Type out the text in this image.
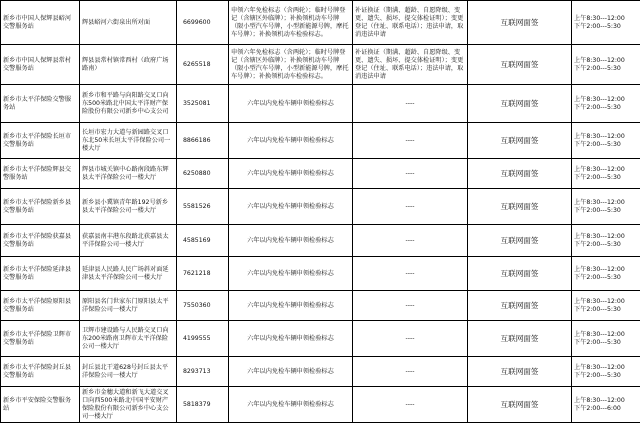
新乡市中国人保辉县峪河交警服务站	辉县峪河六街泉出所对面	6699600	申领六年免检标志（含两轮）；临时号牌登记（含辖区外临牌）；补换领机动车号牌（限小型汽车号牌，小型新能源号牌，摩托车号牌）；补换领机动车检验标志。	补证换证（期满、超龄、自愿降级、变更、遗失、损坏、提交体检证明）；变更登记（住址、联系电话）；违法申请，取消违法申请	互联网面签	上午8:30---12:00
下午2:00---5:30

新乡市中国人保辉县常村交警服务站	辉县县常村镇常西村（政府广场路南）	6265518	申领六年免检标志（含两轮）；临时号牌登记（含辖区外临牌）；补换领机动车号牌（限小型汽车号牌，小型新能源号牌，摩托车号牌）；补换领机动车检验标志。	补证换证（期满、超龄、自愿降级、变更、遗失、损坏、提交体检证明）；变更登记（住址、联系电话）；违法申请，取消违法申请	互联网面签	上午8:30---12:00
下午2:00---5:30

新乡市太平洋保险交警服务站	新乡市和平路与向阳路交叉口向东500米路北中国太平洋财产保险股份有限公司新乡中心支公司	3525081	六年以内免检车辆申领检验标志	----	互联网面签	上午8:30---12:00
下午2:00---5:30

新乡市太平洋保险长垣市交警服务站	长垣市宏力大道与新园路交叉口东北50米长垣太平洋保险公司一楼大厅	8866186	六年以内免检车辆申领检验标志	----	互联网面签	上午8:30---12:00
下午2:00---5:30

新乡市太平洋保险辉县交警服务站	辉县市城关镇中心路南段路东辉县太平洋保险公司一楼大厅	6250880	六年以内免检车辆申领检验标志	----	互联网面签	上午8:30---12:00
下午2:00---5:30

新乡市太平洋保险新乡县交警服务站	新乡县小冀镇青年路192号新乡县太平洋保险公司一楼大厅	5581526	六年以内免检车辆申领检验标志	----	互联网面签	上午8:30---12:00
下午2:00---5:30

新乡市太平洋保险获嘉县交警服务站	获嘉县南丰港东段路北获嘉县太平洋保险公司一楼大厅	4585169	六年以内免检车辆申领检验标志	----	互联网面签	上午8:30---12:00
下午2:00---5:30

新乡市太平洋保险延津县交警服务站	延津县人民路人民广场斜对面延津县太平洋保险公司一楼大厅	7621218	六年以内免检车辆申领检验标志	----	互联网面签	上午8:30---12:00
下午2:00---5:30

新乡市太平洋保险原阳县交警服务站	原阳县名门世家东门原阳县太平洋保险公司一楼大厅	7550360	六年以内免检车辆申领检验标志	----	互联网面签	上午8:30---12:00
下午2:00---5:30

新乡市太平洋保险卫辉市交警服务站	卫辉市建设路与人民路交叉口向东200米路南卫辉市太平洋保险公司一楼大厅	4199555	六年以内免检车辆申领检验标志	----	互联网面签	上午8:30---12:00
下午2:00---5:30

新乡市太平洋保险封丘县交警服务站	封丘县北干道628号封丘县太平洋保险公司一楼大厅	8293713	六年以内免检车辆申领检验标志	----	互联网面签	上午8:30---12:00
下午2:00---5:30

新乡市平安保险交警服务站	新乡市金穗大道和新飞大道交叉口向西500米路北中国平安财产保险股份有限公司新乡中心支公司一楼大厅	5818379	六年以内免检车辆申领检验标志	----	互联网面签	上午8:30---12:00
下午2:00---6:00
